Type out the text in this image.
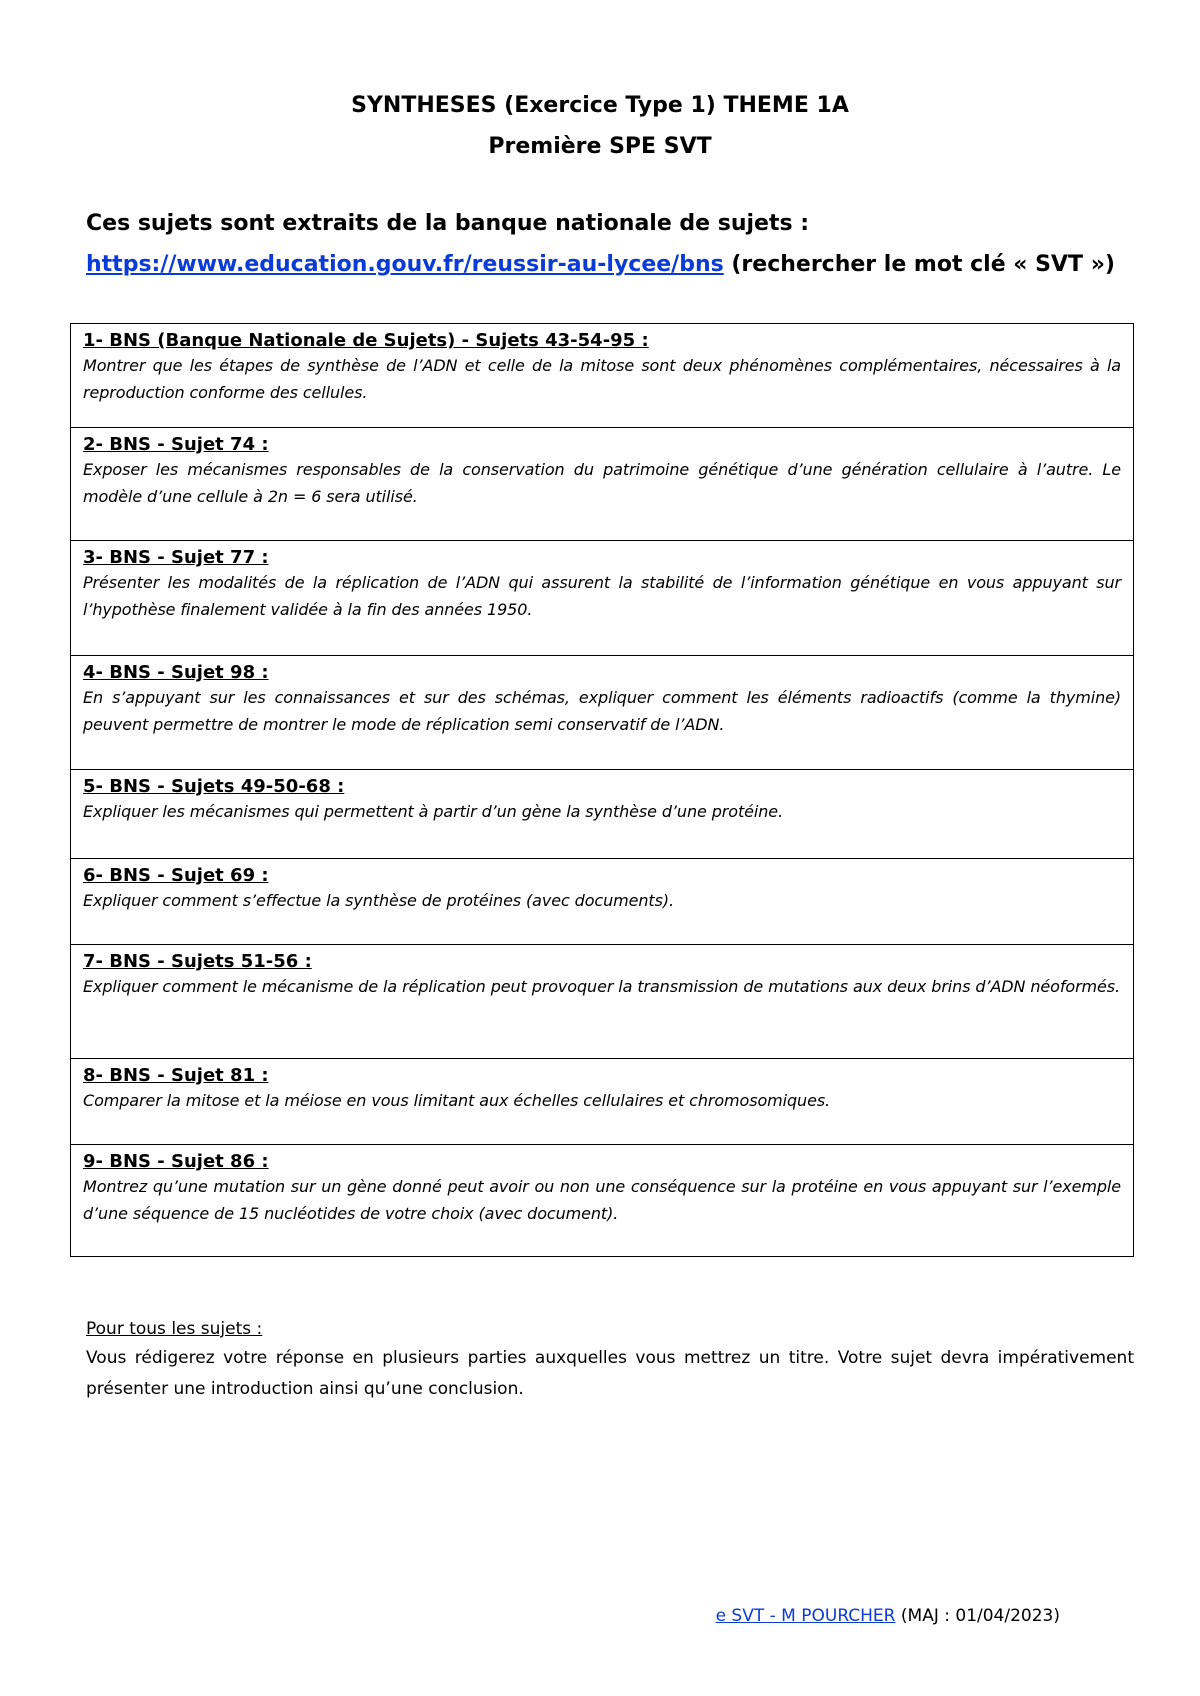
SYNTHESES (Exercice Type 1) THEME 1A
Première SPE SVT
Ces sujets sont extraits de la banque nationale de sujets :
https://www.education.gouv.fr/reussir-au-lycee/bns (rechercher le mot clé « SVT »)
1- BNS (Banque Nationale de Sujets) - Sujets 43-54-95 :
Montrer que les étapes de synthèse de l’ADN et celle de la mitose sont deux phénomènes complémentaires, nécessaires à la reproduction conforme des cellules.
2- BNS - Sujet 74 :
Exposer les mécanismes responsables de la conservation du patrimoine génétique d’une génération cellulaire à l’autre. Le modèle d’une cellule à 2n = 6 sera utilisé.
3- BNS - Sujet 77 :
Présenter les modalités de la réplication de l’ADN qui assurent la stabilité de l’information génétique en vous appuyant sur l’hypothèse finalement validée à la fin des années 1950.
4- BNS - Sujet 98 :
En s’appuyant sur les connaissances et sur des schémas, expliquer comment les éléments radioactifs (comme la thymine) peuvent permettre de montrer le mode de réplication semi conservatif de l’ADN.
5- BNS - Sujets 49-50-68 :
Expliquer les mécanismes qui permettent à partir d’un gène la synthèse d’une protéine.
6- BNS - Sujet 69 :
Expliquer comment s’effectue la synthèse de protéines (avec documents).
7- BNS - Sujets 51-56 :
Expliquer comment le mécanisme de la réplication peut provoquer la transmission de mutations aux deux brins d’ADN néoformés.
8- BNS - Sujet 81 :
Comparer la mitose et la méiose en vous limitant aux échelles cellulaires et chromosomiques.
9- BNS - Sujet 86 :
Montrez qu’une mutation sur un gène donné peut avoir ou non une conséquence sur la protéine en vous appuyant sur l’exemple d’une séquence de 15 nucléotides de votre choix (avec document).
Pour tous les sujets :
Vous rédigerez votre réponse en plusieurs parties auxquelles vous mettrez un titre. Votre sujet devra impérativement présenter une introduction ainsi qu’une conclusion.
e SVT - M POURCHER (MAJ : 01/04/2023)
